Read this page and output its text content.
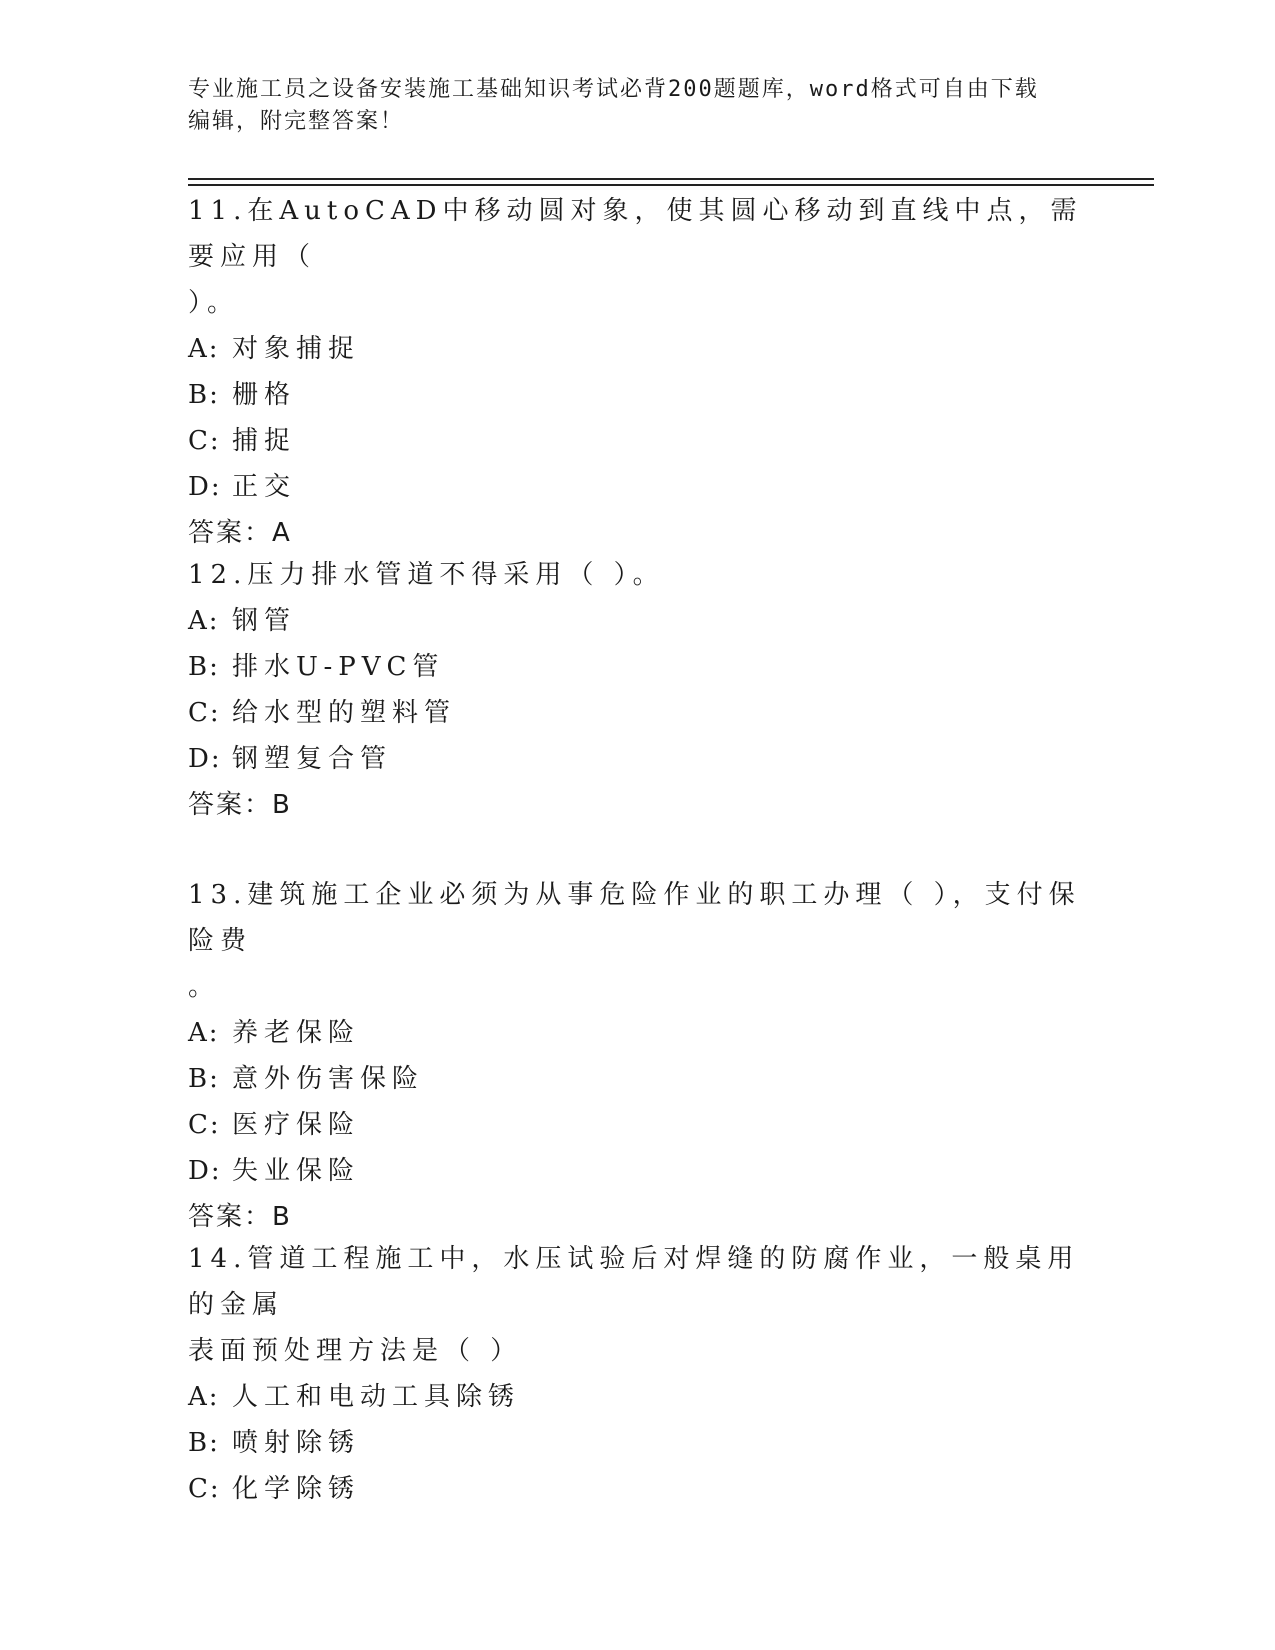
专业施工员之设备安装施工基础知识考试必背200题题库，word格式可自由下载
编辑，附完整答案！
11.在AutoCAD中移动圆对象，使其圆心移动到直线中点，需要应用（
）。
A: 对象捕捉
B: 栅格
C: 捕捉
D: 正交
答案：A
12.压力排水管道不得采用（ ）。
A: 钢管
B: 排水U-PVC管
C: 给水型的塑料管
D: 钢塑复合管
答案：B
13.建筑施工企业必须为从事危险作业的职工办理（ ），支付保险费
。
A: 养老保险
B: 意外伤害保险
C: 医疗保险
D: 失业保险
答案：B
14.管道工程施工中，水压试验后对焊缝的防腐作业，一般桌用的金属
表面预处理方法是（ ）
A: 人工和电动工具除锈
B: 喷射除锈
C: 化学除锈
